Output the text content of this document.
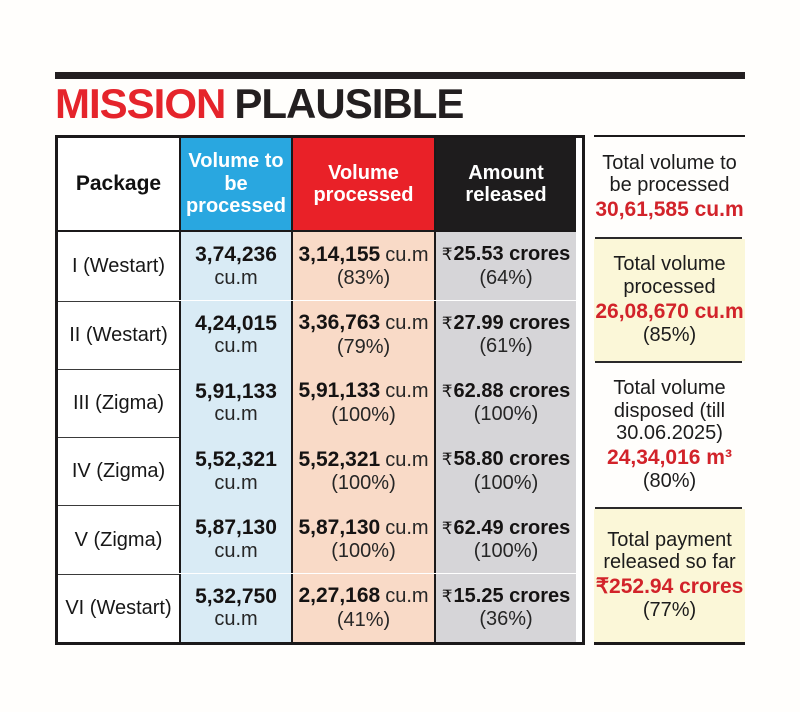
MISSION PLAUSIBLE
Package
Volume to be processed
Volume processed
Amount released
I (Westart) 3,74,236
cu.m
3,14,155 cu.m
(83%)
₹25.53 crores
(64%)
II (Westart)
4,24,015
cu.m
3,36,763 cu.m
(79%)
₹27.99 crores
(61%)
III (Zigma)
5,91,133
cu.m
5,91,133 cu.m
(100%)
₹62.88 crores
(100%)
IV (Zigma)
5,52,321
cu.m
5,52,321 cu.m
(100%)
₹58.80 crores
(100%)
V (Zigma)
5,87,130
cu.m
5,87,130 cu.m
(100%)
₹62.49 crores
(100%)
VI (Westart)
5,32,750
cu.m
2,27,168 cu.m
(41%)
₹15.25 crores
(36%)
Total volume to be processed
30,61,585 cu.m
Total volume processed
26,08,670 cu.m
(85%)
Total volume disposed (till 30.06.2025)
24,34,016 m³
(80%)
Total payment released so far
₹252.94 crores
(77%)
